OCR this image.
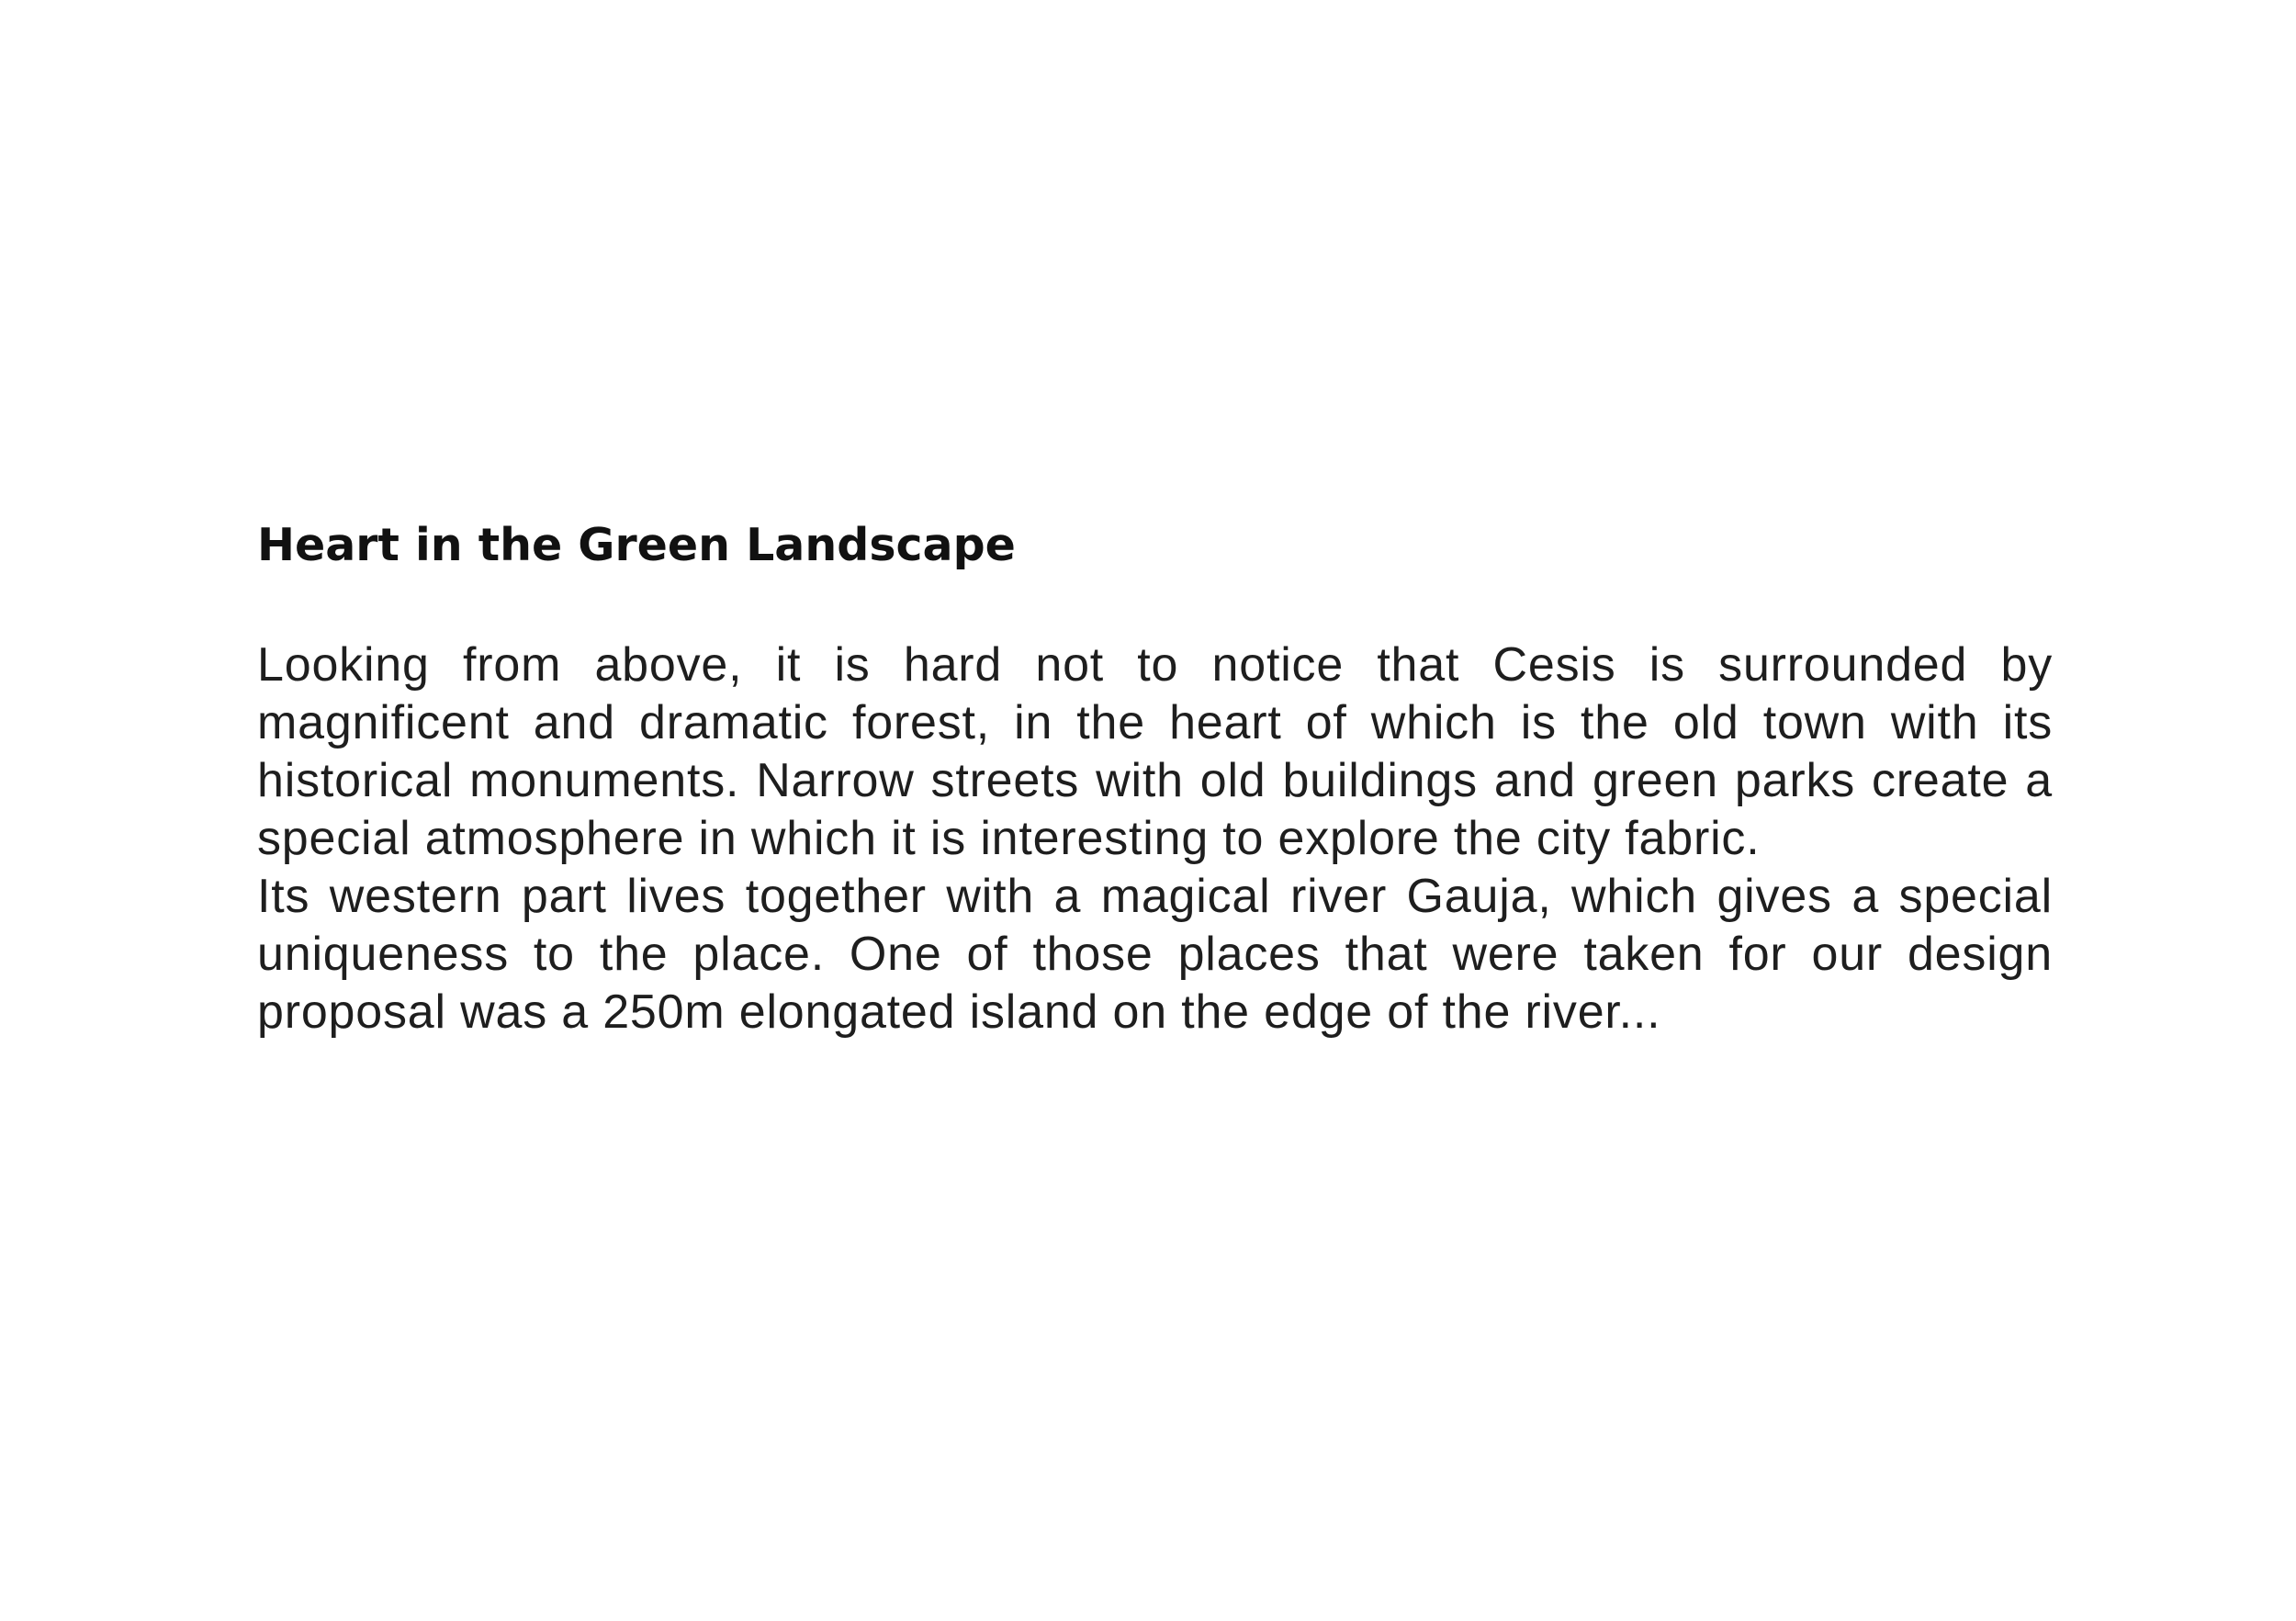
Heart in the Green Landscape

Looking from above, it is hard not to notice that Cesis is surrounded by magnificent and dramatic forest, in the heart of which is the old town with its historical monuments. Narrow streets with old buildings and green parks create a special atmosphere in which it is interesting to explore the city fabric.

Its western part lives together with a magical river Gauja, which gives a special uniqueness to the place. One of those places that were taken for our design proposal was a 250m elongated island on the edge of the river...
